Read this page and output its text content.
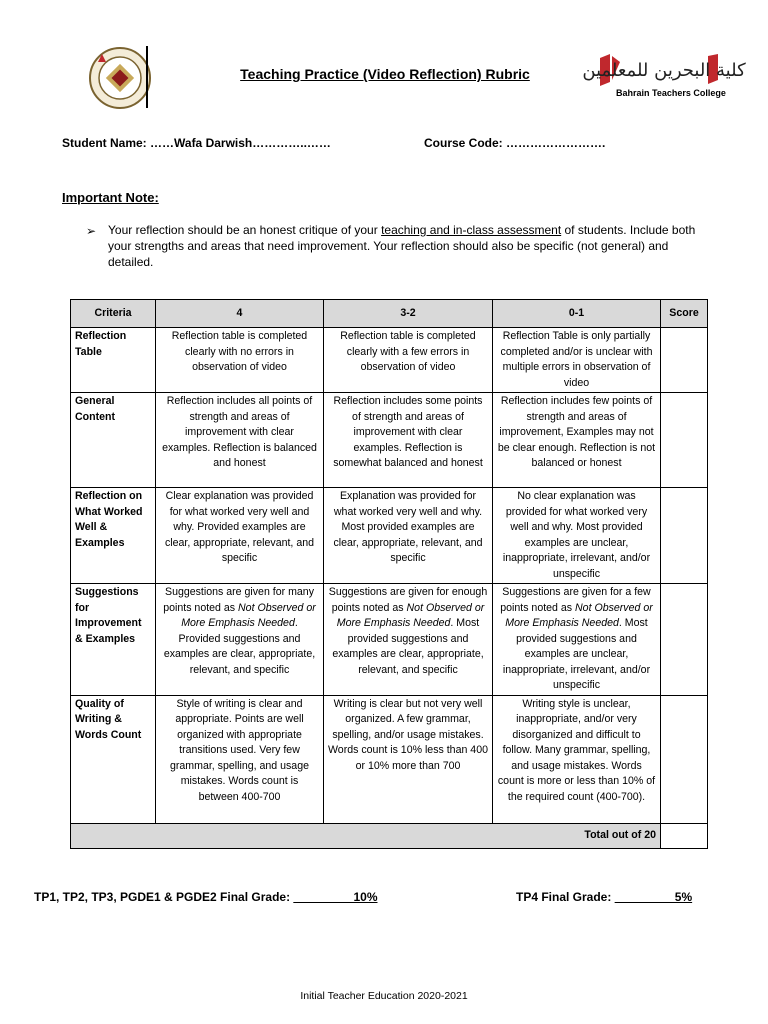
Teaching Practice (Video Reflection) Rubric	كلية البحرين للمعلمين
Bahrain Teachers College
Student Name: ……Wafa Darwish…………..……	Course Code: …………………….
Important Note:
➢ Your reflection should be an honest critique of your teaching and in-class assessment of students. Include both your strengths and areas that need improvement. Your reflection should also be specific (not general) and detailed.
Criteria	4	3-2	0-1	Score
Reflection Table	Reflection table is completed clearly with no errors in observation of video	Reflection table is completed clearly with a few errors in observation of video	Reflection Table is only partially completed and/or is unclear with multiple errors in observation of video	
General Content	Reflection includes all points of strength and areas of improvement with clear examples. Reflection is balanced and honest	Reflection includes some points of strength and areas of improvement with clear examples. Reflection is somewhat balanced and honest	Reflection includes few points of strength and areas of improvement, Examples may not be clear enough. Reflection is not balanced or honest	
Reflection on What Worked Well & Examples	Clear explanation was provided for what worked very well and why. Provided examples are clear, appropriate, relevant, and specific	Explanation was provided for what worked very well and why. Most provided examples are clear, appropriate, relevant, and specific	No clear explanation was provided for what worked very well and why. Most provided examples are unclear, inappropriate, irrelevant, and/or unspecific	
Suggestions for Improvement & Examples	Suggestions are given for many points noted as Not Observed or More Emphasis Needed. Provided suggestions and examples are clear, appropriate, relevant, and specific	Suggestions are given for enough points noted as Not Observed or More Emphasis Needed. Most provided suggestions and examples are clear, appropriate, relevant, and specific	Suggestions are given for a few points noted as Not Observed or More Emphasis Needed. Most provided suggestions and examples are unclear, inappropriate, irrelevant, and/or unspecific	
Quality of Writing & Words Count	Style of writing is clear and appropriate. Points are well organized with appropriate transitions used. Very few grammar, spelling, and usage mistakes. Words count is between 400-700	Writing is clear but not very well organized. A few grammar, spelling, and/or usage mistakes. Words count is 10% less than 400 or 10% more than 700	Writing style is unclear, inappropriate, and/or very disorganized and difficult to follow. Many grammar, spelling, and usage mistakes. Words count is more or less than 10% of the required count (400-700).	
Total out of 20				
TP1, TP2, TP3, PGDE1 & PGDE2 Final Grade: _________10%	TP4 Final Grade: _________5%
Initial Teacher Education 2020-2021
